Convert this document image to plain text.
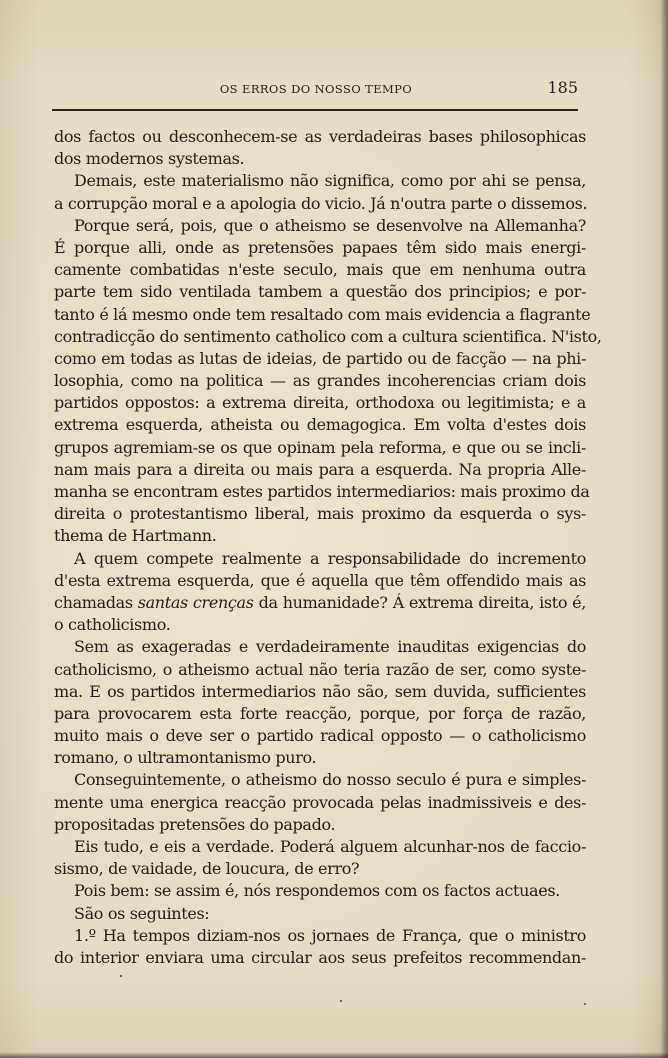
OS ERROS DO NOSSO TEMPO	185
dos factos ou desconhecem-se as verdadeiras bases philosophicas
dos modernos systemas.
Demais, este materialismo não significa, como por ahi se pensa,
a corrupção moral e a apologia do vicio. Já n'outra parte o dissemos.
Porque será, pois, que o atheismo se desenvolve na Allemanha?
É porque alli, onde as pretensões papaes têm sido mais energi-
camente combatidas n'este seculo, mais que em nenhuma outra
parte tem sido ventilada tambem a questão dos principios; e por-
tanto é lá mesmo onde tem resaltado com mais evidencia a flagrante
contradicção do sentimento catholico com a cultura scientifica. N'isto,
como em todas as lutas de ideias, de partido ou de facção — na phi-
losophia, como na politica — as grandes incoherencias criam dois
partidos oppostos: a extrema direita, orthodoxa ou legitimista; e a
extrema esquerda, atheista ou demagogica. Em volta d'estes dois
grupos agremiam-se os que opinam pela reforma, e que ou se incli-
nam mais para a direita ou mais para a esquerda. Na propria Alle-
manha se encontram estes partidos intermediarios: mais proximo da
direita o protestantismo liberal, mais proximo da esquerda o sys-
thema de Hartmann.
A quem compete realmente a responsabilidade do incremento
d'esta extrema esquerda, que é aquella que têm offendido mais as
chamadas santas crenças da humanidade? Á extrema direita, isto é,
o catholicismo.
Sem as exageradas e verdadeiramente inauditas exigencias do
catholicismo, o atheismo actual não teria razão de ser, como syste-
ma. E os partidos intermediarios não são, sem duvida, sufficientes
para provocarem esta forte reacção, porque, por força de razão,
muito mais o deve ser o partido radical opposto — o catholicismo
romano, o ultramontanismo puro.
Conseguintemente, o atheismo do nosso seculo é pura e simples-
mente uma energica reacção provocada pelas inadmissiveis e des-
propositadas pretensões do papado.
Eis tudo, e eis a verdade. Poderá alguem alcunhar-nos de faccio-
sismo, de vaidade, de loucura, de erro?
Pois bem: se assim é, nós respondemos com os factos actuaes.
São os seguintes:
1.º Ha tempos diziam-nos os jornaes de França, que o ministro
do interior enviara uma circular aos seus prefeitos recommendan-
